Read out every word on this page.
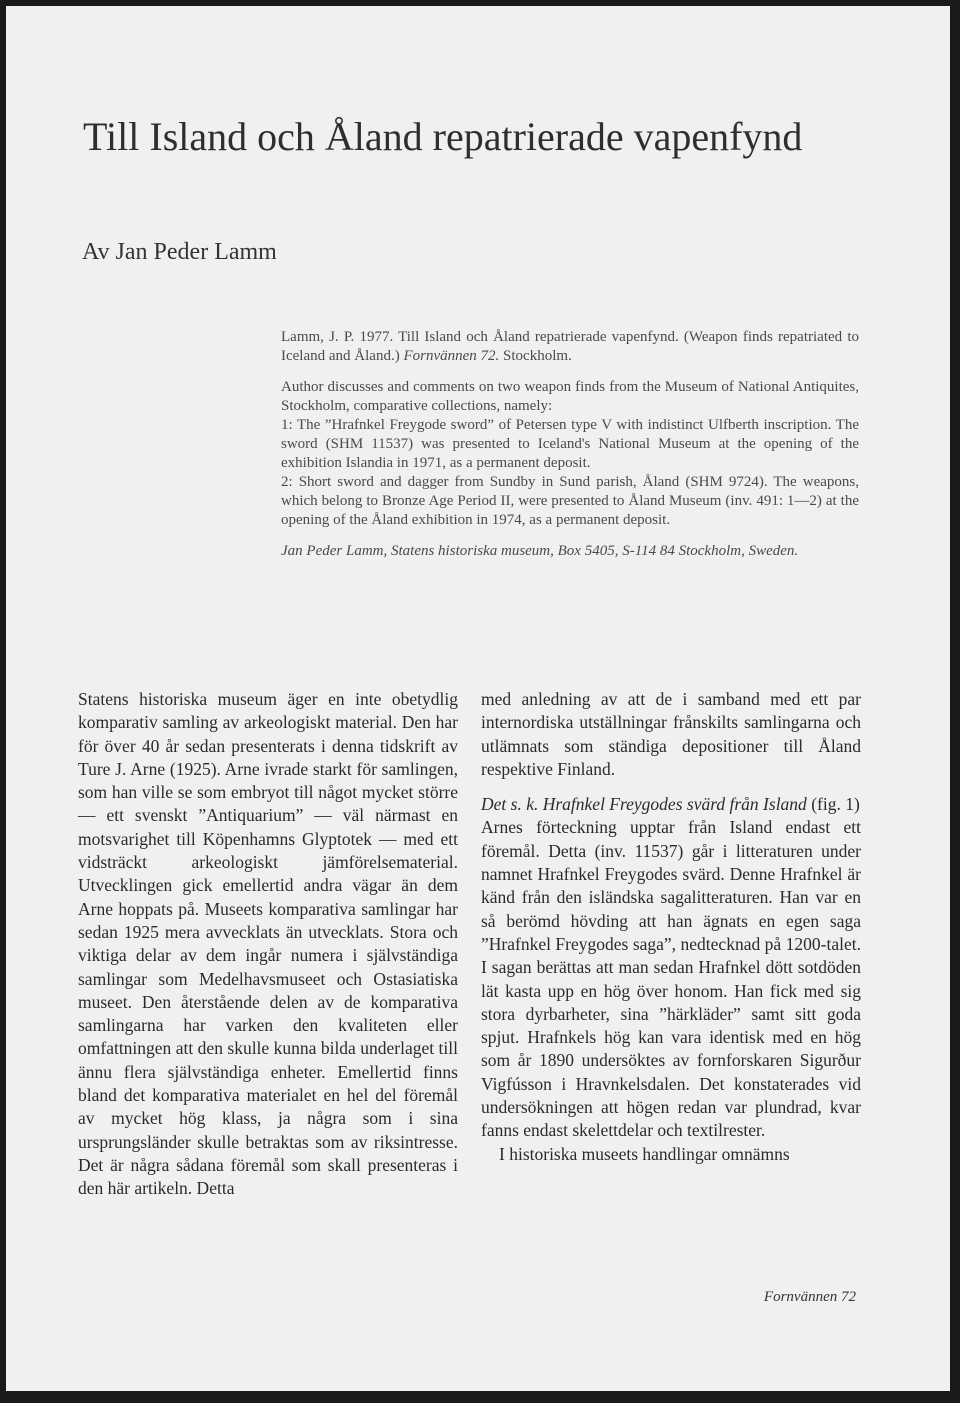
Till Island och Åland repatrierade vapenfynd
Av Jan Peder Lamm

Lamm, J. P. 1977. Till Island och Åland repatrierade vapenfynd. (Weapon finds repatriated to Iceland and Åland.) Fornvännen 72. Stockholm.

Author discusses and comments on two weapon finds from the Museum of National Antiquites, Stockholm, comparative collections, namely:

1: The ”Hrafnkel Freygode sword” of Petersen type V with indistinct Ulfberth inscription. The sword (SHM 11537) was presented to Iceland's National Museum at the opening of the exhibition Islandia in 1971, as a permanent deposit.

2: Short sword and dagger from Sundby in Sund parish, Åland (SHM 9724). The weapons, which belong to Bronze Age Period II, were presented to Åland Museum (inv. 491: 1—2) at the opening of the Åland exhibition in 1974, as a permanent deposit.

Jan Peder Lamm, Statens historiska museum, Box 5405, S-114 84 Stockholm, Sweden.

Statens historiska museum äger en inte obetydlig komparativ samling av arkeologiskt material. Den har för över 40 år sedan presenterats i denna tidskrift av Ture J. Arne (1925). Arne ivrade starkt för samlingen, som han ville se som embryot till något mycket större — ett svenskt ”Antiquarium” — väl närmast en motsvarighet till Köpenhamns Glyptotek — med ett vidsträckt arkeologiskt jämförelsematerial. Utvecklingen gick emellertid andra vägar än dem Arne hoppats på. Museets komparativa samlingar har sedan 1925 mera avvecklats än utvecklats. Stora och viktiga delar av dem ingår numera i självständiga samlingar som Medelhavsmuseet och Ostasiatiska museet. Den återstående delen av de komparativa samlingarna har varken den kvaliteten eller omfattningen att den skulle kunna bilda underlaget till ännu flera självständiga enheter. Emellertid finns bland det komparativa materialet en hel del föremål av mycket hög klass, ja några som i sina ursprungsländer skulle betraktas som av riksintresse. Det är några sådana föremål som skall presenteras i den här artikeln. Detta

med anledning av att de i samband med ett par internordiska utställningar frånskilts samlingarna och utlämnats som ständiga depositioner till Åland respektive Finland.

Det s. k. Hrafnkel Freygodes svärd från Island (fig. 1)

Arnes förteckning upptar från Island endast ett föremål. Detta (inv. 11537) går i litteraturen under namnet Hrafnkel Freygodes svärd. Denne Hrafnkel är känd från den isländska sagalitteraturen. Han var en så berömd hövding att han ägnats en egen saga ”Hrafnkel Freygodes saga”, nedtecknad på 1200-talet. I sagan berättas att man sedan Hrafnkel dött sotdöden lät kasta upp en hög över honom. Han fick med sig stora dyrbarheter, sina ”härkläder” samt sitt goda spjut. Hrafnkels hög kan vara identisk med en hög som år 1890 undersöktes av fornforskaren Sigurður Vigfússon i Hravnkelsdalen. Det konstaterades vid undersökningen att högen redan var plundrad, kvar fanns endast skelettdelar och textilrester.

I historiska museets handlingar omnämns

Fornvännen 72
